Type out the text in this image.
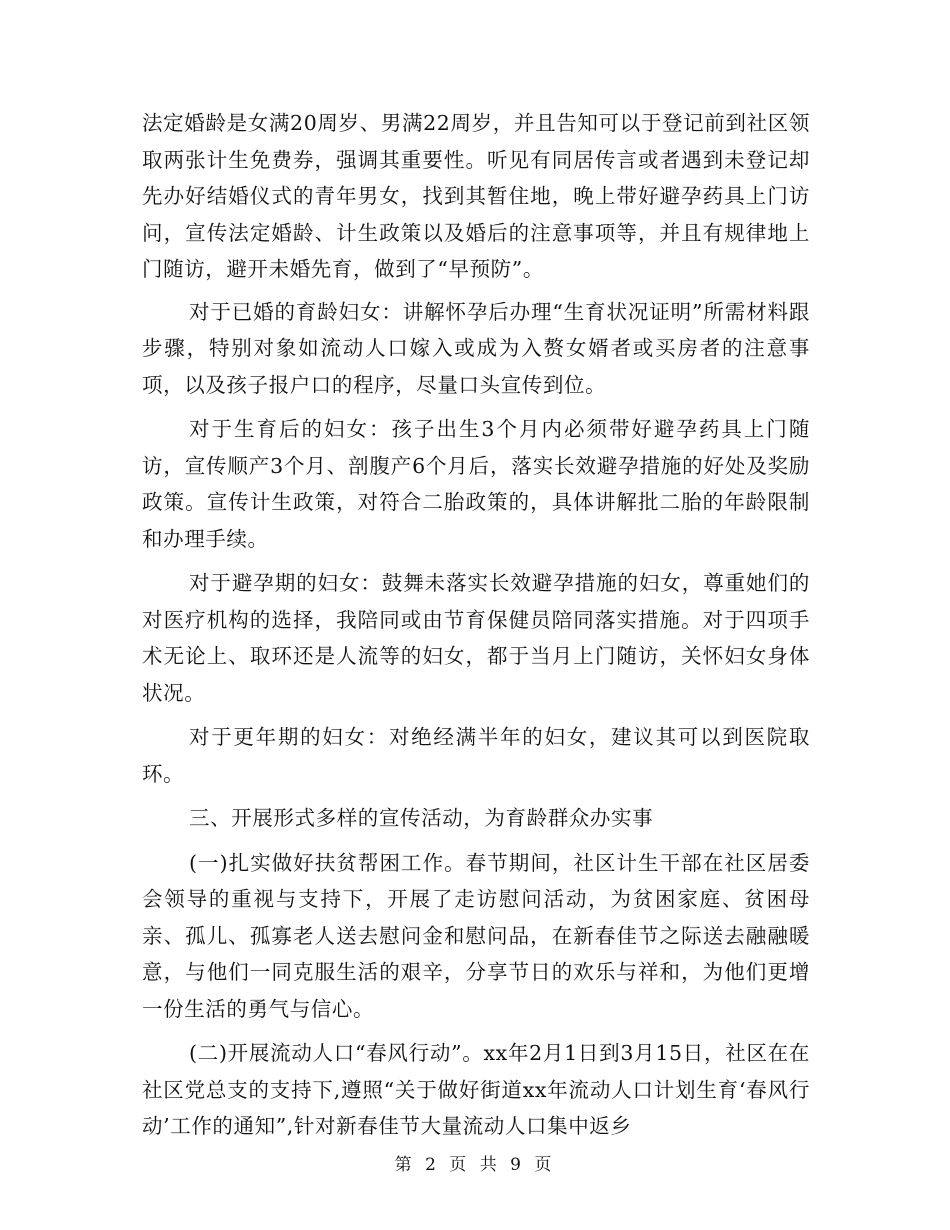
法定婚龄是女满20周岁、男满22周岁，并且告知可以于登记前到社区领取两张计生免费券，强调其重要性。听见有同居传言或者遇到未登记却先办好结婚仪式的青年男女，找到其暂住地，晚上带好避孕药具上门访问，宣传法定婚龄、计生政策以及婚后的注意事项等，并且有规律地上门随访，避开未婚先育，做到了“早预防”。

对于已婚的育龄妇女：讲解怀孕后办理“生育状况证明”所需材料跟步骤，特别对象如流动人口嫁入或成为入赘女婿者或买房者的注意事项，以及孩子报户口的程序，尽量口头宣传到位。

对于生育后的妇女：孩子出生3个月内必须带好避孕药具上门随访，宣传顺产3个月、剖腹产6个月后，落实长效避孕措施的好处及奖励政策。宣传计生政策，对符合二胎政策的，具体讲解批二胎的年龄限制和办理手续。

对于避孕期的妇女：鼓舞未落实长效避孕措施的妇女，尊重她们的对医疗机构的选择，我陪同或由节育保健员陪同落实措施。对于四项手术无论上、取环还是人流等的妇女，都于当月上门随访，关怀妇女身体状况。

对于更年期的妇女：对绝经满半年的妇女，建议其可以到医院取环。

三、开展形式多样的宣传活动，为育龄群众办实事

(一)扎实做好扶贫帮困工作。春节期间，社区计生干部在社区居委会领导的重视与支持下，开展了走访慰问活动，为贫困家庭、贫困母亲、孤儿、孤寡老人送去慰问金和慰问品，在新春佳节之际送去融融暖意，与他们一同克服生活的艰辛，分享节日的欢乐与祥和，为他们更增一份生活的勇气与信心。

(二)开展流动人口“春风行动”。xx年2月1日到3月15日，社区在在社区党总支的支持下,遵照“关于做好街道xx年流动人口计划生育‘春风行动’工作的通知”,针对新春佳节大量流动人口集中返乡

第 2 页 共 9 页
